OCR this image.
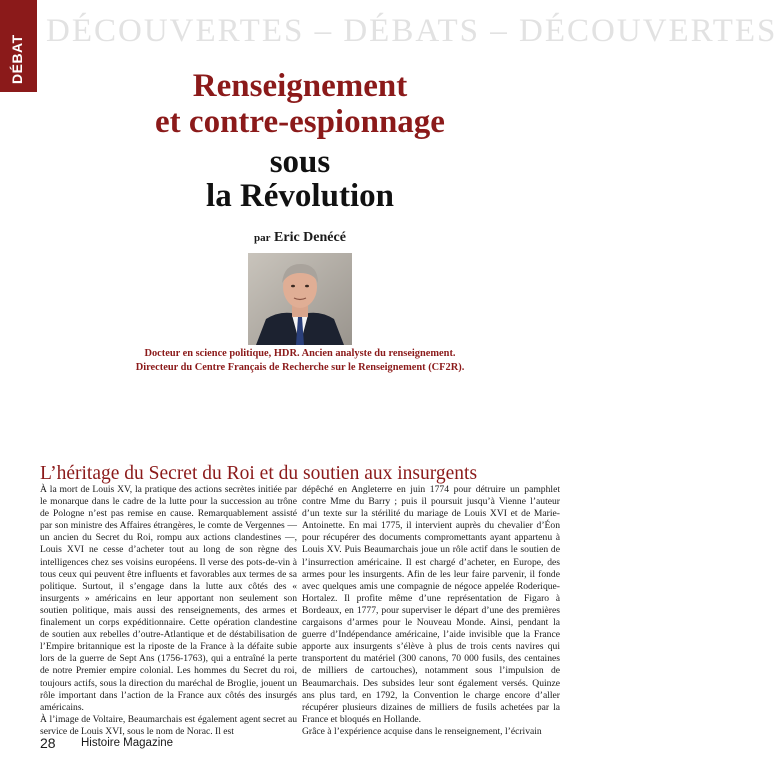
DÉBAT
DÉCOUVERTES – DÉBATS – DÉCOUVERTES
Renseignement
et contre-espionnage
sous
la Révolution
par Eric Denécé
Docteur en science politique, HDR. Ancien analyste du renseignement.
Directeur du Centre Français de Recherche sur le Renseignement (CF2R).
L’héritage du Secret du Roi et du soutien aux insurgents

À la mort de Louis XV, la pratique des actions secrètes initiée par le monarque dans le cadre de la lutte pour la succession au trône de Pologne n’est pas remise en cause. Remarquablement assisté par son ministre des Affaires étrangères, le comte de Vergennes — un ancien du Secret du Roi, rompu aux actions clandestines —, Louis XVI ne cesse d’acheter tout au long de son règne des intelligences chez ses voisins européens. Il verse des pots-de-vin à tous ceux qui peuvent être influents et favorables aux termes de sa politique. Surtout, il s’engage dans la lutte aux côtés des « insurgents » américains en leur apportant non seulement son soutien politique, mais aussi des renseignements, des armes et finalement un corps expéditionnaire. Cette opération clandestine de soutien aux rebelles d’outre-Atlantique et de déstabilisation de l’Empire britannique est la riposte de la France à la défaite subie lors de la guerre de Sept Ans (1756-1763), qui a entraîné la perte de notre Premier empire colonial. Les hommes du Secret du roi, toujours actifs, sous la direction du maréchal de Broglie, jouent un rôle important dans l’action de la France aux côtés des insurgés américains.

À l’image de Voltaire, Beaumarchais est également agent secret au service de Louis XVI, sous le nom de Norac. Il est

dépêché en Angleterre en juin 1774 pour détruire un pamphlet contre Mme du Barry ; puis il poursuit jusqu’à Vienne l’auteur d’un texte sur la stérilité du mariage de Louis XVI et de Marie-Antoinette. En mai 1775, il intervient auprès du chevalier d’Éon pour récupérer des documents compromettants ayant appartenu à Louis XV. Puis Beaumarchais joue un rôle actif dans le soutien de l’insurrection américaine. Il est chargé d’acheter, en Europe, des armes pour les insurgents. Afin de les leur faire parvenir, il fonde avec quelques amis une compagnie de négoce appelée Roderique-Hortalez. Il profite même d’une représentation de Figaro à Bordeaux, en 1777, pour superviser le départ d’une des premières cargaisons d’armes pour le Nouveau Monde. Ainsi, pendant la guerre d’Indépendance américaine, l’aide invisible que la France apporte aux insurgents s’élève à plus de trois cents navires qui transportent du matériel (300 canons, 70 000 fusils, des centaines de milliers de cartouches), notamment sous l’impulsion de Beaumarchais. Des subsides leur sont également versés. Quinze ans plus tard, en 1792, la Convention le charge encore d’aller récupérer plusieurs dizaines de milliers de fusils achetées par la France et bloqués en Hollande.

Grâce à l’expérience acquise dans le renseignement, l’écrivain

28 Histoire Magazine
